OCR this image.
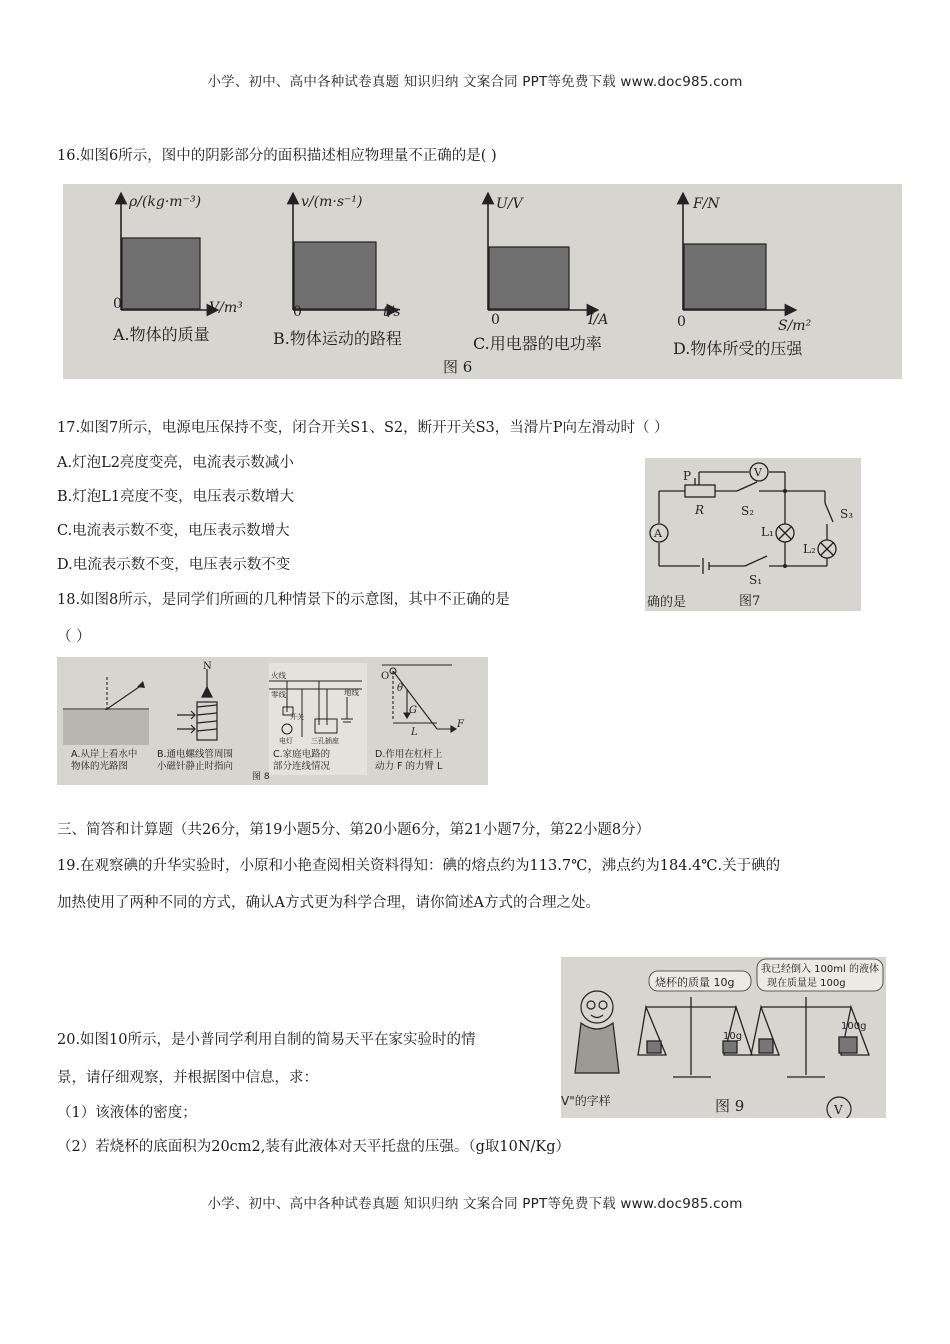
小学、初中、高中各种试卷真题 知识归纳 文案合同 PPT等免费下载 www.doc985.com
16.如图6所示，图中的阴影部分的面积描述相应物理量不正确的是( )
ρ/(kg·m⁻³)
0	V/m³
A.物体的质量
v/(m·s⁻¹)
0	t/s
B.物体运动的路程
U/V
0	I/A
C.用电器的电功率
F/N
0	S/m²
D.物体所受的压强
图 6
17.如图7所示，电源电压保持不变，闭合开关S1、S2，断开开关S3，当滑片P向左滑动时（ ）
A.灯泡L2亮度变亮，电流表示数减小
B.灯泡L1亮度不变，电压表示数增大
C.电流表示数不变，电压表示数增大
D.电流表示数不变，电压表示数不变
P	V
R	S₂	S₃
L₁
L₂
A
S₁
确的是	图7
18.如图8所示，是同学们所画的几种情景下的示意图，其中不正确的是
（ ）
A.从岸上看水中
物体的光路图
N
B.通电螺线管周围
小磁针静止时指向
火线
零线	地线
开关
电灯	三孔插座
C.家庭电路的
部分连线情况
O
θ
G
L
F
D.作用在杠杆上
动力 F 的力臂 L
图 8
三、简答和计算题（共26分，第19小题5分、第20小题6分，第21小题7分，第22小题8分）
19.在观察碘的升华实验时，小原和小艳查阅相关资料得知：碘的熔点约为113.7℃，沸点约为184.4℃.关于碘的
加热使用了两种不同的方式，确认A方式更为科学合理，请你简述A方式的合理之处。
20.如图10所示，是小普同学利用自制的简易天平在家实验时的情
景，请仔细观察，并根据图中信息，求：
（1）该液体的密度；
（2）若烧杯的底面积为20cm2,装有此液体对天平托盘的压强。（g取10N/Kg）
烧杯的质量 10g
我已经倒入 100ml 的液体
现在质量是 100g
10g
100g
V"的字样	图 9	V
小学、初中、高中各种试卷真题 知识归纳 文案合同 PPT等免费下载 www.doc985.com
